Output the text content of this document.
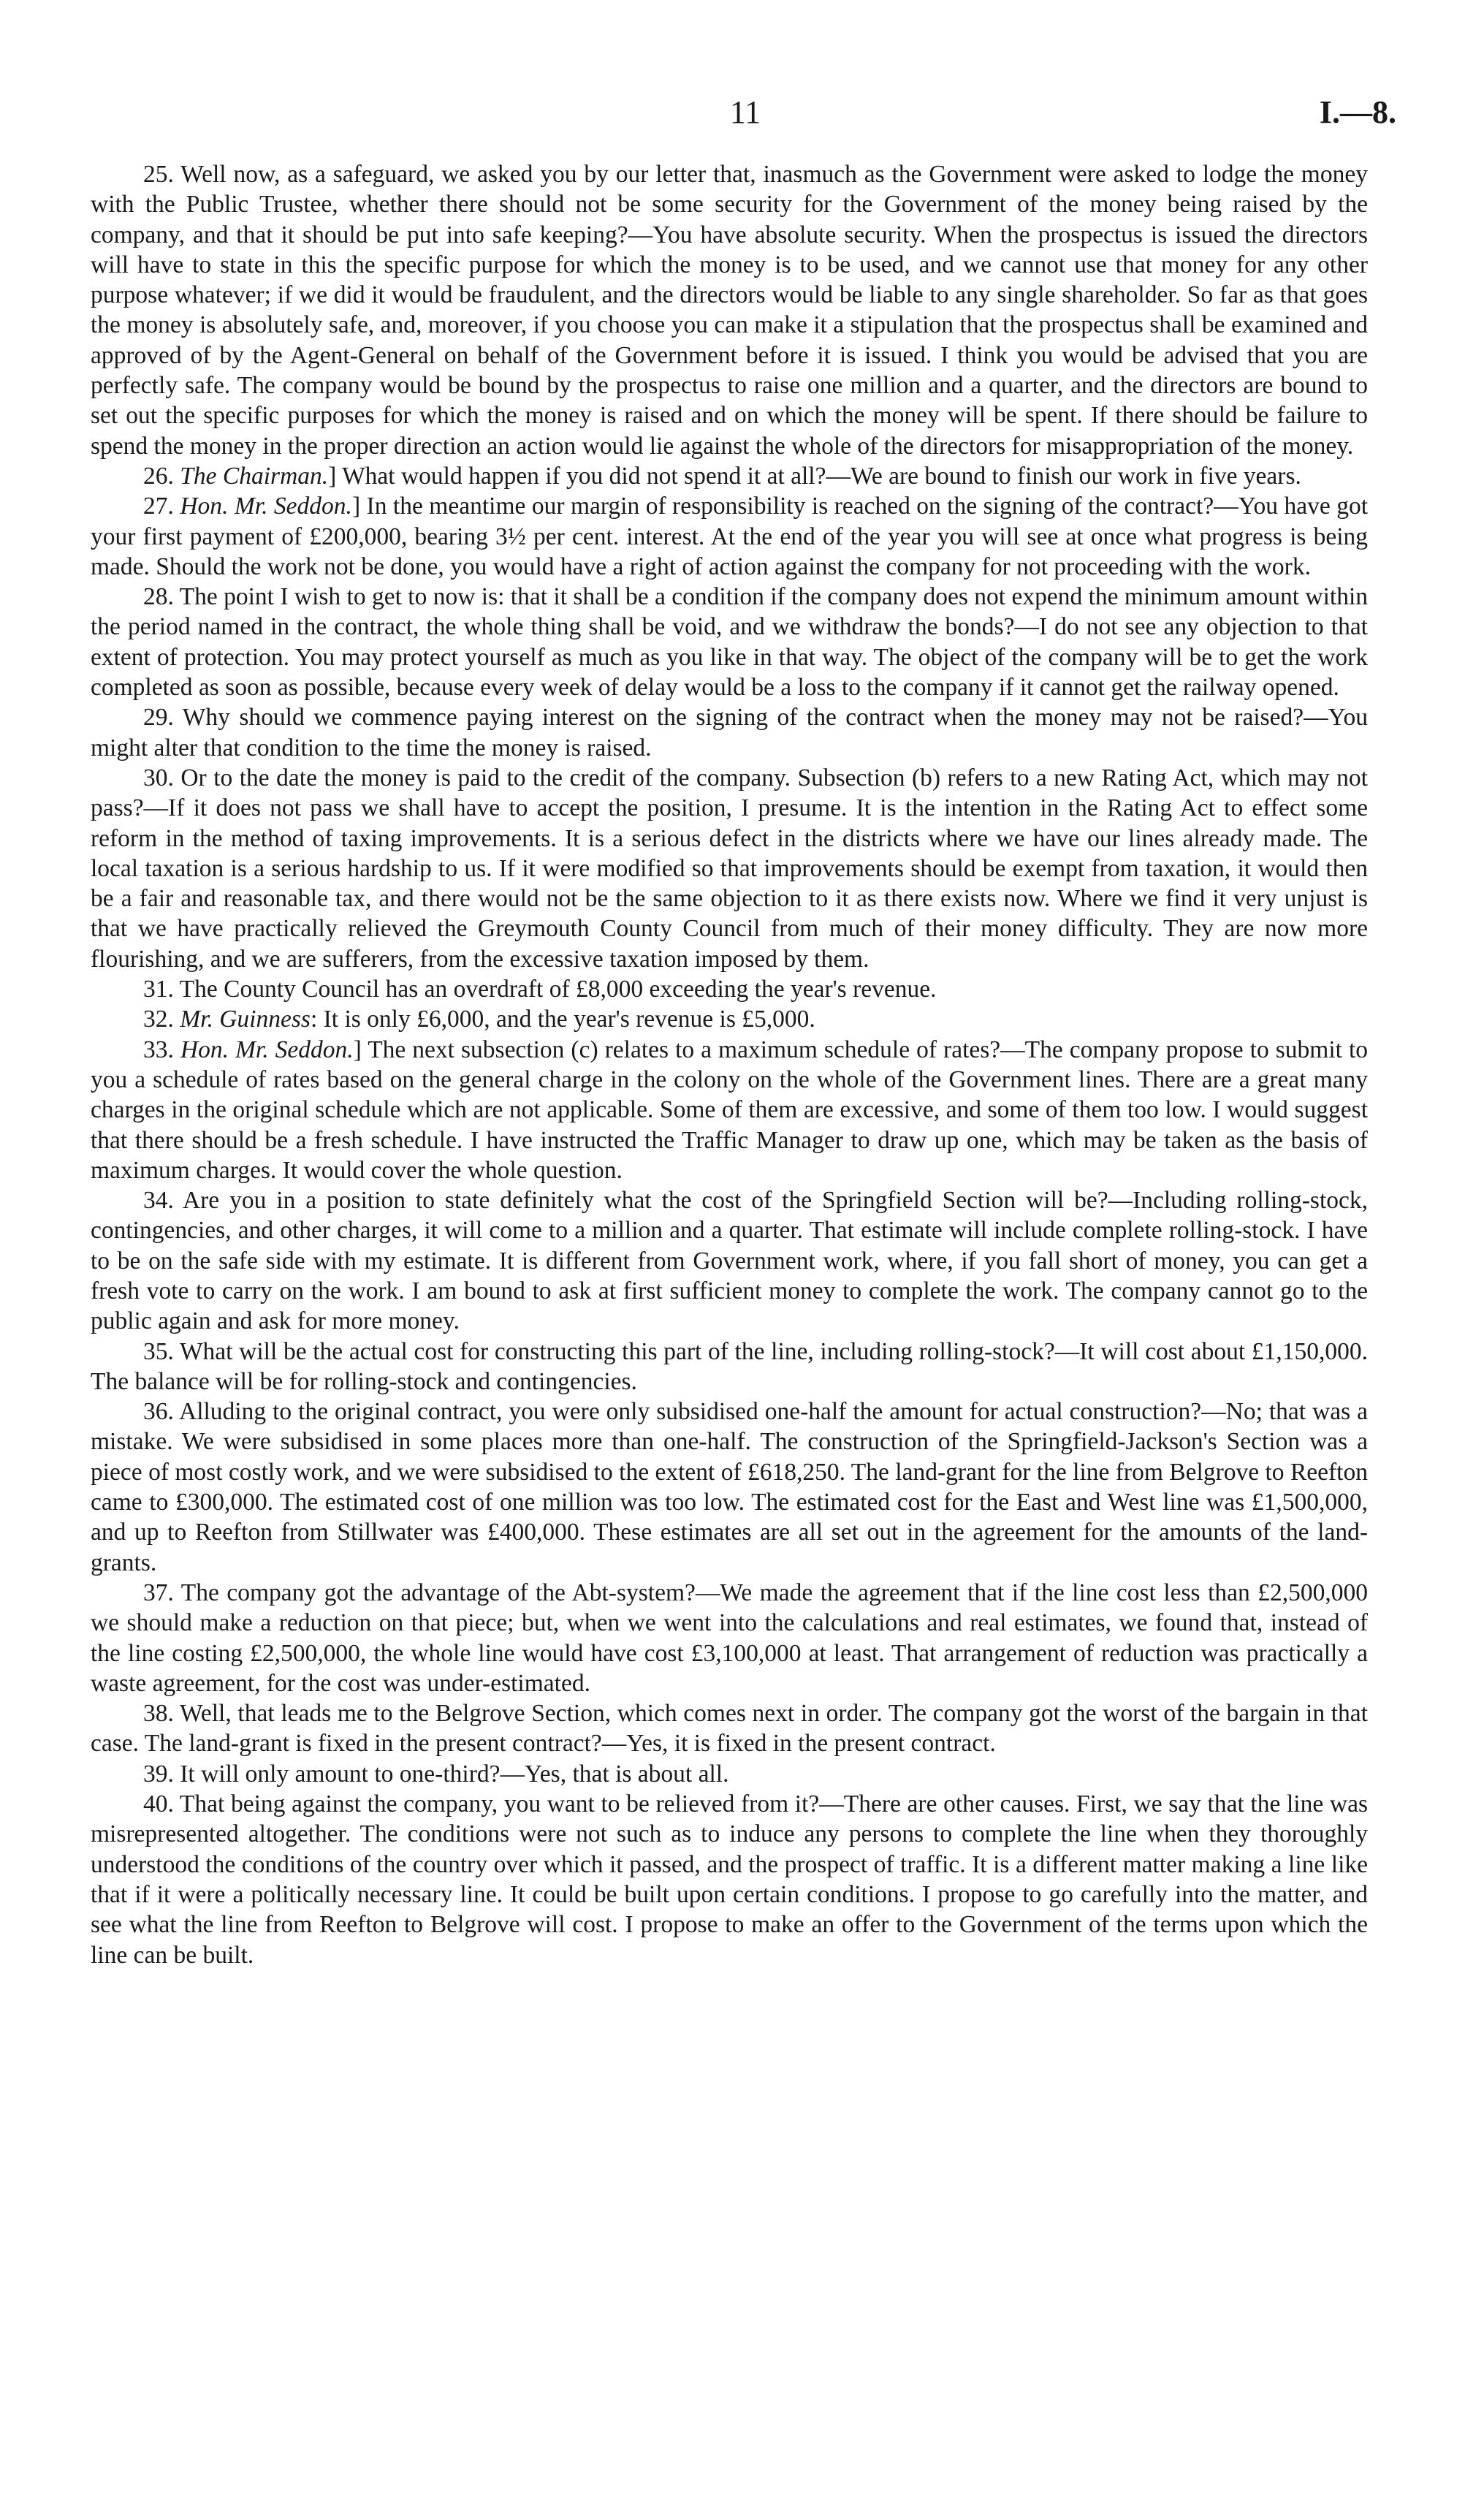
11	I.—8.

25. Well now, as a safeguard, we asked you by our letter that, inasmuch as the Government were asked to lodge the money with the Public Trustee, whether there should not be some security for the Government of the money being raised by the company, and that it should be put into safe keeping?—You have absolute security. When the prospectus is issued the directors will have to state in this the specific purpose for which the money is to be used, and we cannot use that money for any other purpose whatever; if we did it would be fraudulent, and the directors would be liable to any single shareholder. So far as that goes the money is absolutely safe, and, moreover, if you choose you can make it a stipulation that the prospectus shall be examined and approved of by the Agent-General on behalf of the Government before it is issued. I think you would be advised that you are perfectly safe. The company would be bound by the prospectus to raise one million and a quarter, and the directors are bound to set out the specific purposes for which the money is raised and on which the money will be spent. If there should be failure to spend the money in the proper direction an action would lie against the whole of the directors for misappropriation of the money.

26. The Chairman.] What would happen if you did not spend it at all?—We are bound to finish our work in five years.

27. Hon. Mr. Seddon.] In the meantime our margin of responsibility is reached on the signing of the contract?—You have got your first payment of £200,000, bearing 3½ per cent. interest. At the end of the year you will see at once what progress is being made. Should the work not be done, you would have a right of action against the company for not proceeding with the work.

28. The point I wish to get to now is: that it shall be a condition if the company does not expend the minimum amount within the period named in the contract, the whole thing shall be void, and we withdraw the bonds?—I do not see any objection to that extent of protection. You may protect yourself as much as you like in that way. The object of the company will be to get the work completed as soon as possible, because every week of delay would be a loss to the company if it cannot get the railway opened.

29. Why should we commence paying interest on the signing of the contract when the money may not be raised?—You might alter that condition to the time the money is raised.

30. Or to the date the money is paid to the credit of the company. Subsection (b) refers to a new Rating Act, which may not pass?—If it does not pass we shall have to accept the position, I presume. It is the intention in the Rating Act to effect some reform in the method of taxing improvements. It is a serious defect in the districts where we have our lines already made. The local taxation is a serious hardship to us. If it were modified so that improvements should be exempt from taxation, it would then be a fair and reasonable tax, and there would not be the same objection to it as there exists now. Where we find it very unjust is that we have practically relieved the Greymouth County Council from much of their money difficulty. They are now more flourishing, and we are sufferers, from the excessive taxation imposed by them.

31. The County Council has an overdraft of £8,000 exceeding the year's revenue.

32. Mr. Guinness: It is only £6,000, and the year's revenue is £5,000.

33. Hon. Mr. Seddon.] The next subsection (c) relates to a maximum schedule of rates?—The company propose to submit to you a schedule of rates based on the general charge in the colony on the whole of the Government lines. There are a great many charges in the original schedule which are not applicable. Some of them are excessive, and some of them too low. I would suggest that there should be a fresh schedule. I have instructed the Traffic Manager to draw up one, which may be taken as the basis of maximum charges. It would cover the whole question.

34. Are you in a position to state definitely what the cost of the Springfield Section will be?—Including rolling-stock, contingencies, and other charges, it will come to a million and a quarter. That estimate will include complete rolling-stock. I have to be on the safe side with my estimate. It is different from Government work, where, if you fall short of money, you can get a fresh vote to carry on the work. I am bound to ask at first sufficient money to complete the work. The company cannot go to the public again and ask for more money.

35. What will be the actual cost for constructing this part of the line, including rolling-stock?—It will cost about £1,150,000. The balance will be for rolling-stock and contingencies.

36. Alluding to the original contract, you were only subsidised one-half the amount for actual construction?—No; that was a mistake. We were subsidised in some places more than one-half. The construction of the Springfield-Jackson's Section was a piece of most costly work, and we were subsidised to the extent of £618,250. The land-grant for the line from Belgrove to Reefton came to £300,000. The estimated cost of one million was too low. The estimated cost for the East and West line was £1,500,000, and up to Reefton from Stillwater was £400,000. These estimates are all set out in the agreement for the amounts of the land-grants.

37. The company got the advantage of the Abt-system?—We made the agreement that if the line cost less than £2,500,000 we should make a reduction on that piece; but, when we went into the calculations and real estimates, we found that, instead of the line costing £2,500,000, the whole line would have cost £3,100,000 at least. That arrangement of reduction was practically a waste agreement, for the cost was under-estimated.

38. Well, that leads me to the Belgrove Section, which comes next in order. The company got the worst of the bargain in that case. The land-grant is fixed in the present contract?—Yes, it is fixed in the present contract.

39. It will only amount to one-third?—Yes, that is about all.

40. That being against the company, you want to be relieved from it?—There are other causes. First, we say that the line was misrepresented altogether. The conditions were not such as to induce any persons to complete the line when they thoroughly understood the conditions of the country over which it passed, and the prospect of traffic. It is a different matter making a line like that if it were a politically necessary line. It could be built upon certain conditions. I propose to go carefully into the matter, and see what the line from Reefton to Belgrove will cost. I propose to make an offer to the Government of the terms upon which the line can be built.
